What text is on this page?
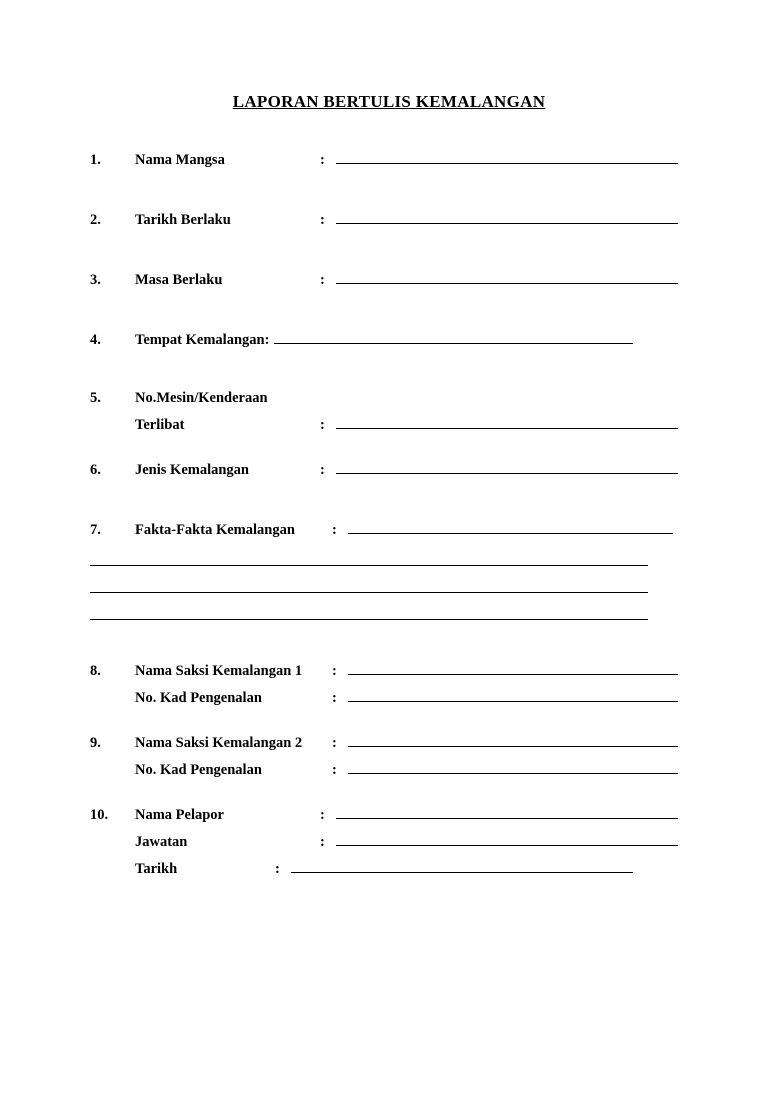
LAPORAN BERTULIS KEMALANGAN
1.	Nama Mangsa	:
2.	Tarikh Berlaku	:
3.	Masa Berlaku	:
4.	Tempat Kemalangan:
5.	No.Mesin/Kenderaan
Terlibat	:
6.	Jenis Kemalangan	:
7.	Fakta-Fakta Kemalangan	:
8.	Nama Saksi Kemalangan 1	:
No. Kad Pengenalan	:
9.	Nama Saksi Kemalangan 2	:
No. Kad Pengenalan	:
10.	Nama Pelapor	:
Jawatan	:
Tarikh	:
